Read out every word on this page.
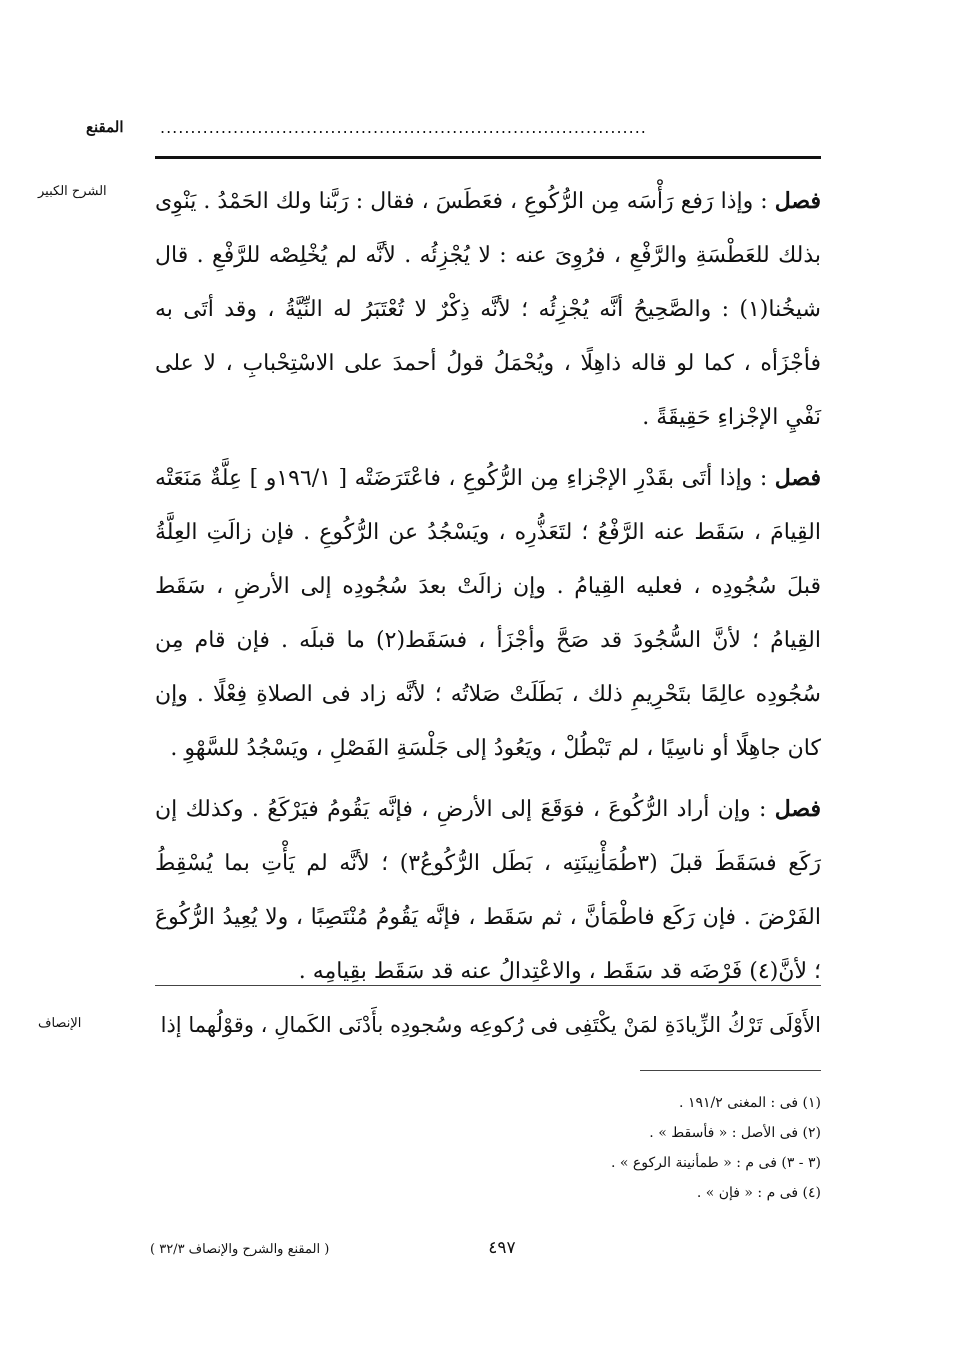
المقنع ................................................................................
الشرح الكبير	فصل : وإذا رَفع رَأْسَه مِن الرُّكُوعِ ، فعَطَسَ ، فقال : رَبَّنا ولك الحَمْدُ . يَنْوِى بذلك للعَطْسَةِ والرَّفْعِ ، فرُوِىَ عنه : لا يُجْزِئُه . لأنَّه لم يُخْلِصْه للرَّفْعِ . قال شيخُنا(١) : والصَّحِيحُ أنَّه يُجْزِئُه ؛ لأنَّه ذِكْرٌ لا تُعْتَبَرُ له النِّيَّةُ ، وقد أتَى به فأجْزَأه ، كما لو قاله ذاهِلًا ، ويُحْمَلُ قولُ أحمدَ على الاسْتِحْبابِ ، لا على نَفْيِ الإجْزاءِ حَقِيقَةً .

فصل : وإذا أتَى بقَدْرِ الإجْزاءِ مِن الرُّكُوعِ ، فاعْتَرَضَتْه [ ١٩٦/١و ] عِلَّةٌ مَنَعَتْه القِيامَ ، سَقَط عنه الرَّفْعُ ؛ لتَعَذُّرِه ، ويَسْجُدُ عن الرُّكُوعِ . فإن زالَتِ العِلَّةُ قبلَ سُجُودِه ، فعليه القِيامُ . وإن زالَتْ بعدَ سُجُودِه إلى الأرضِ ، سَقَط القِيامُ ؛ لأنَّ السُّجُودَ قد صَحَّ وأجْزَأ ، فسَقَط(٢) ما قبلَه . فإن قام مِن سُجُودِه عالِمًا بتَحْرِيمِ ذلك ، بَطَلَتْ صَلاتُه ؛ لأنَّه زاد فى الصلاةِ فِعْلًا . وإن كان جاهِلًا أو ناسِيًا ، لم تَبْطُلْ ، ويَعُودُ إلى جَلْسَةِ الفَصْلِ ، ويَسْجُدُ للسَّهْوِ .

فصل : وإن أراد الرُّكُوعَ ، فوَقَعَ إلى الأرضِ ، فإنَّه يَقُومُ فيَرْكَعُ . وكذلك إن رَكَع فسَقَطَ قبلَ (٣طُمَأْنِينَتِه ، بَطَل الرُّكُوعُ٣) ؛ لأنَّه لم يَأْتِ بما يُسْقِطُ الفَرْضَ . فإن رَكَع فاطْمَأنَّ ، ثم سَقَط ، فإنَّه يَقُومُ مُنْتَصِبًا ، ولا يُعِيدُ الرُّكُوعَ ؛ لأنَّ(٤) فَرْضَه قد سَقَط ، والاعْتِدالُ عنه قد سَقَط بقِيامِه .

الإنصاف	الأَوْلَى تَرْكُ الزِّيادَةِ لمَنْ يكْتَفِى فى رُكوعِه وسُجودِه بأَدْنَى الكَمالِ ، وقوْلُهما إذا
(١) فى : المغنى ١٩١/٢ .
(٢) فى الأصل : « فأسقط » .
(٣ - ٣) فى م : « طمأنينة الركوع » .
(٤) فى م : « فإن » .
( المقنع والشرح والإنصاف ٣٢/٣ )	٤٩٧
